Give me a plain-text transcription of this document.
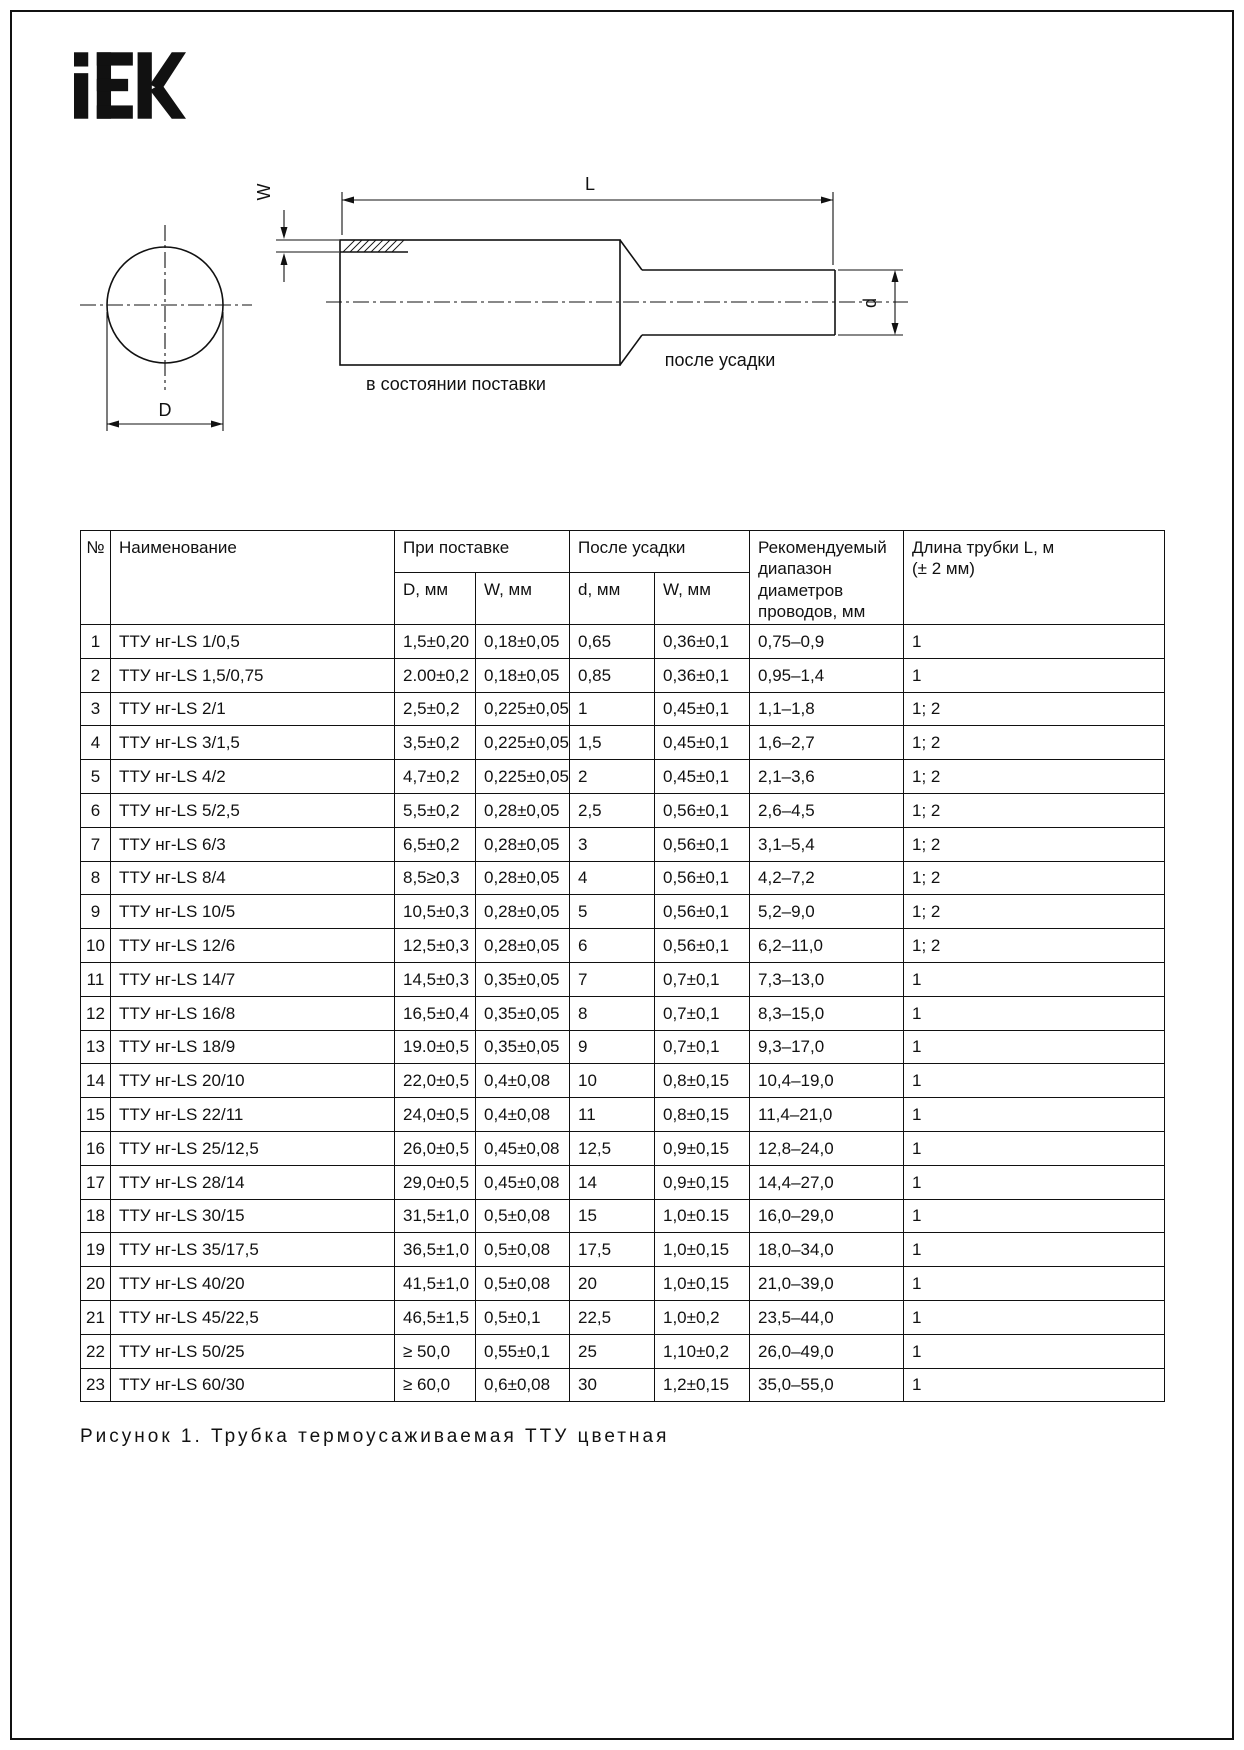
D
L
W
d
после усадки
в состоянии поставки
№	Наименование	При поставке		После усадки		Рекомендуемый диапазон диаметров проводов, мм	Длина трубки L, м
(± 2 мм)

		D, мм	W, мм	d, мм	W, мм		
1	ТТУ нг-LS 1/0,5	1,5±0,20	0,18±0,05	0,65	0,36±0,1	0,75–0,9	1
2	ТТУ нг-LS 1,5/0,75	2.00±0,2	0,18±0,05	0,85	0,36±0,1	0,95–1,4	1
3	ТТУ нг-LS 2/1	2,5±0,2	0,225±0,05	1	0,45±0,1	1,1–1,8	1; 2
4	ТТУ нг-LS 3/1,5	3,5±0,2	0,225±0,05	1,5	0,45±0,1	1,6–2,7	1; 2
5	ТТУ нг-LS 4/2	4,7±0,2	0,225±0,05	2	0,45±0,1	2,1–3,6	1; 2
6	ТТУ нг-LS 5/2,5	5,5±0,2	0,28±0,05	2,5	0,56±0,1	2,6–4,5	1; 2
7	ТТУ нг-LS 6/3	6,5±0,2	0,28±0,05	3	0,56±0,1	3,1–5,4	1; 2
8	ТТУ нг-LS 8/4	8,5≥0,3	0,28±0,05	4	0,56±0,1	4,2–7,2	1; 2
9	ТТУ нг-LS 10/5	10,5±0,3	0,28±0,05	5	0,56±0,1	5,2–9,0	1; 2
10	ТТУ нг-LS 12/6	12,5±0,3	0,28±0,05	6	0,56±0,1	6,2–11,0	1; 2
11	ТТУ нг-LS 14/7	14,5±0,3	0,35±0,05	7	0,7±0,1	7,3–13,0	1
12	ТТУ нг-LS 16/8	16,5±0,4	0,35±0,05	8	0,7±0,1	8,3–15,0	1
13	ТТУ нг-LS 18/9	19.0±0,5	0,35±0,05	9	0,7±0,1	9,3–17,0	1
14	ТТУ нг-LS 20/10	22,0±0,5	0,4±0,08	10	0,8±0,15	10,4–19,0	1
15	ТТУ нг-LS 22/11	24,0±0,5	0,4±0,08	11	0,8±0,15	11,4–21,0	1
16	ТТУ нг-LS 25/12,5	26,0±0,5	0,45±0,08	12,5	0,9±0,15	12,8–24,0	1
17	ТТУ нг-LS 28/14	29,0±0,5	0,45±0,08	14	0,9±0,15	14,4–27,0	1
18	ТТУ нг-LS 30/15	31,5±1,0	0,5±0,08	15	1,0±0.15	16,0–29,0	1
19	ТТУ нг-LS 35/17,5	36,5±1,0	0,5±0,08	17,5	1,0±0,15	18,0–34,0	1
20	ТТУ нг-LS 40/20	41,5±1,0	0,5±0,08	20	1,0±0,15	21,0–39,0	1
21	ТТУ нг-LS 45/22,5	46,5±1,5	0,5±0,1	22,5	1,0±0,2	23,5–44,0	1
22	ТТУ нг-LS 50/25	≥ 50,0	0,55±0,1	25	1,10±0,2	26,0–49,0	1
23	ТТУ нг-LS 60/30	≥ 60,0	0,6±0,08	30	1,2±0,15	35,0–55,0	1
Рисунок 1. Трубка термоусаживаемая ТТУ цветная
